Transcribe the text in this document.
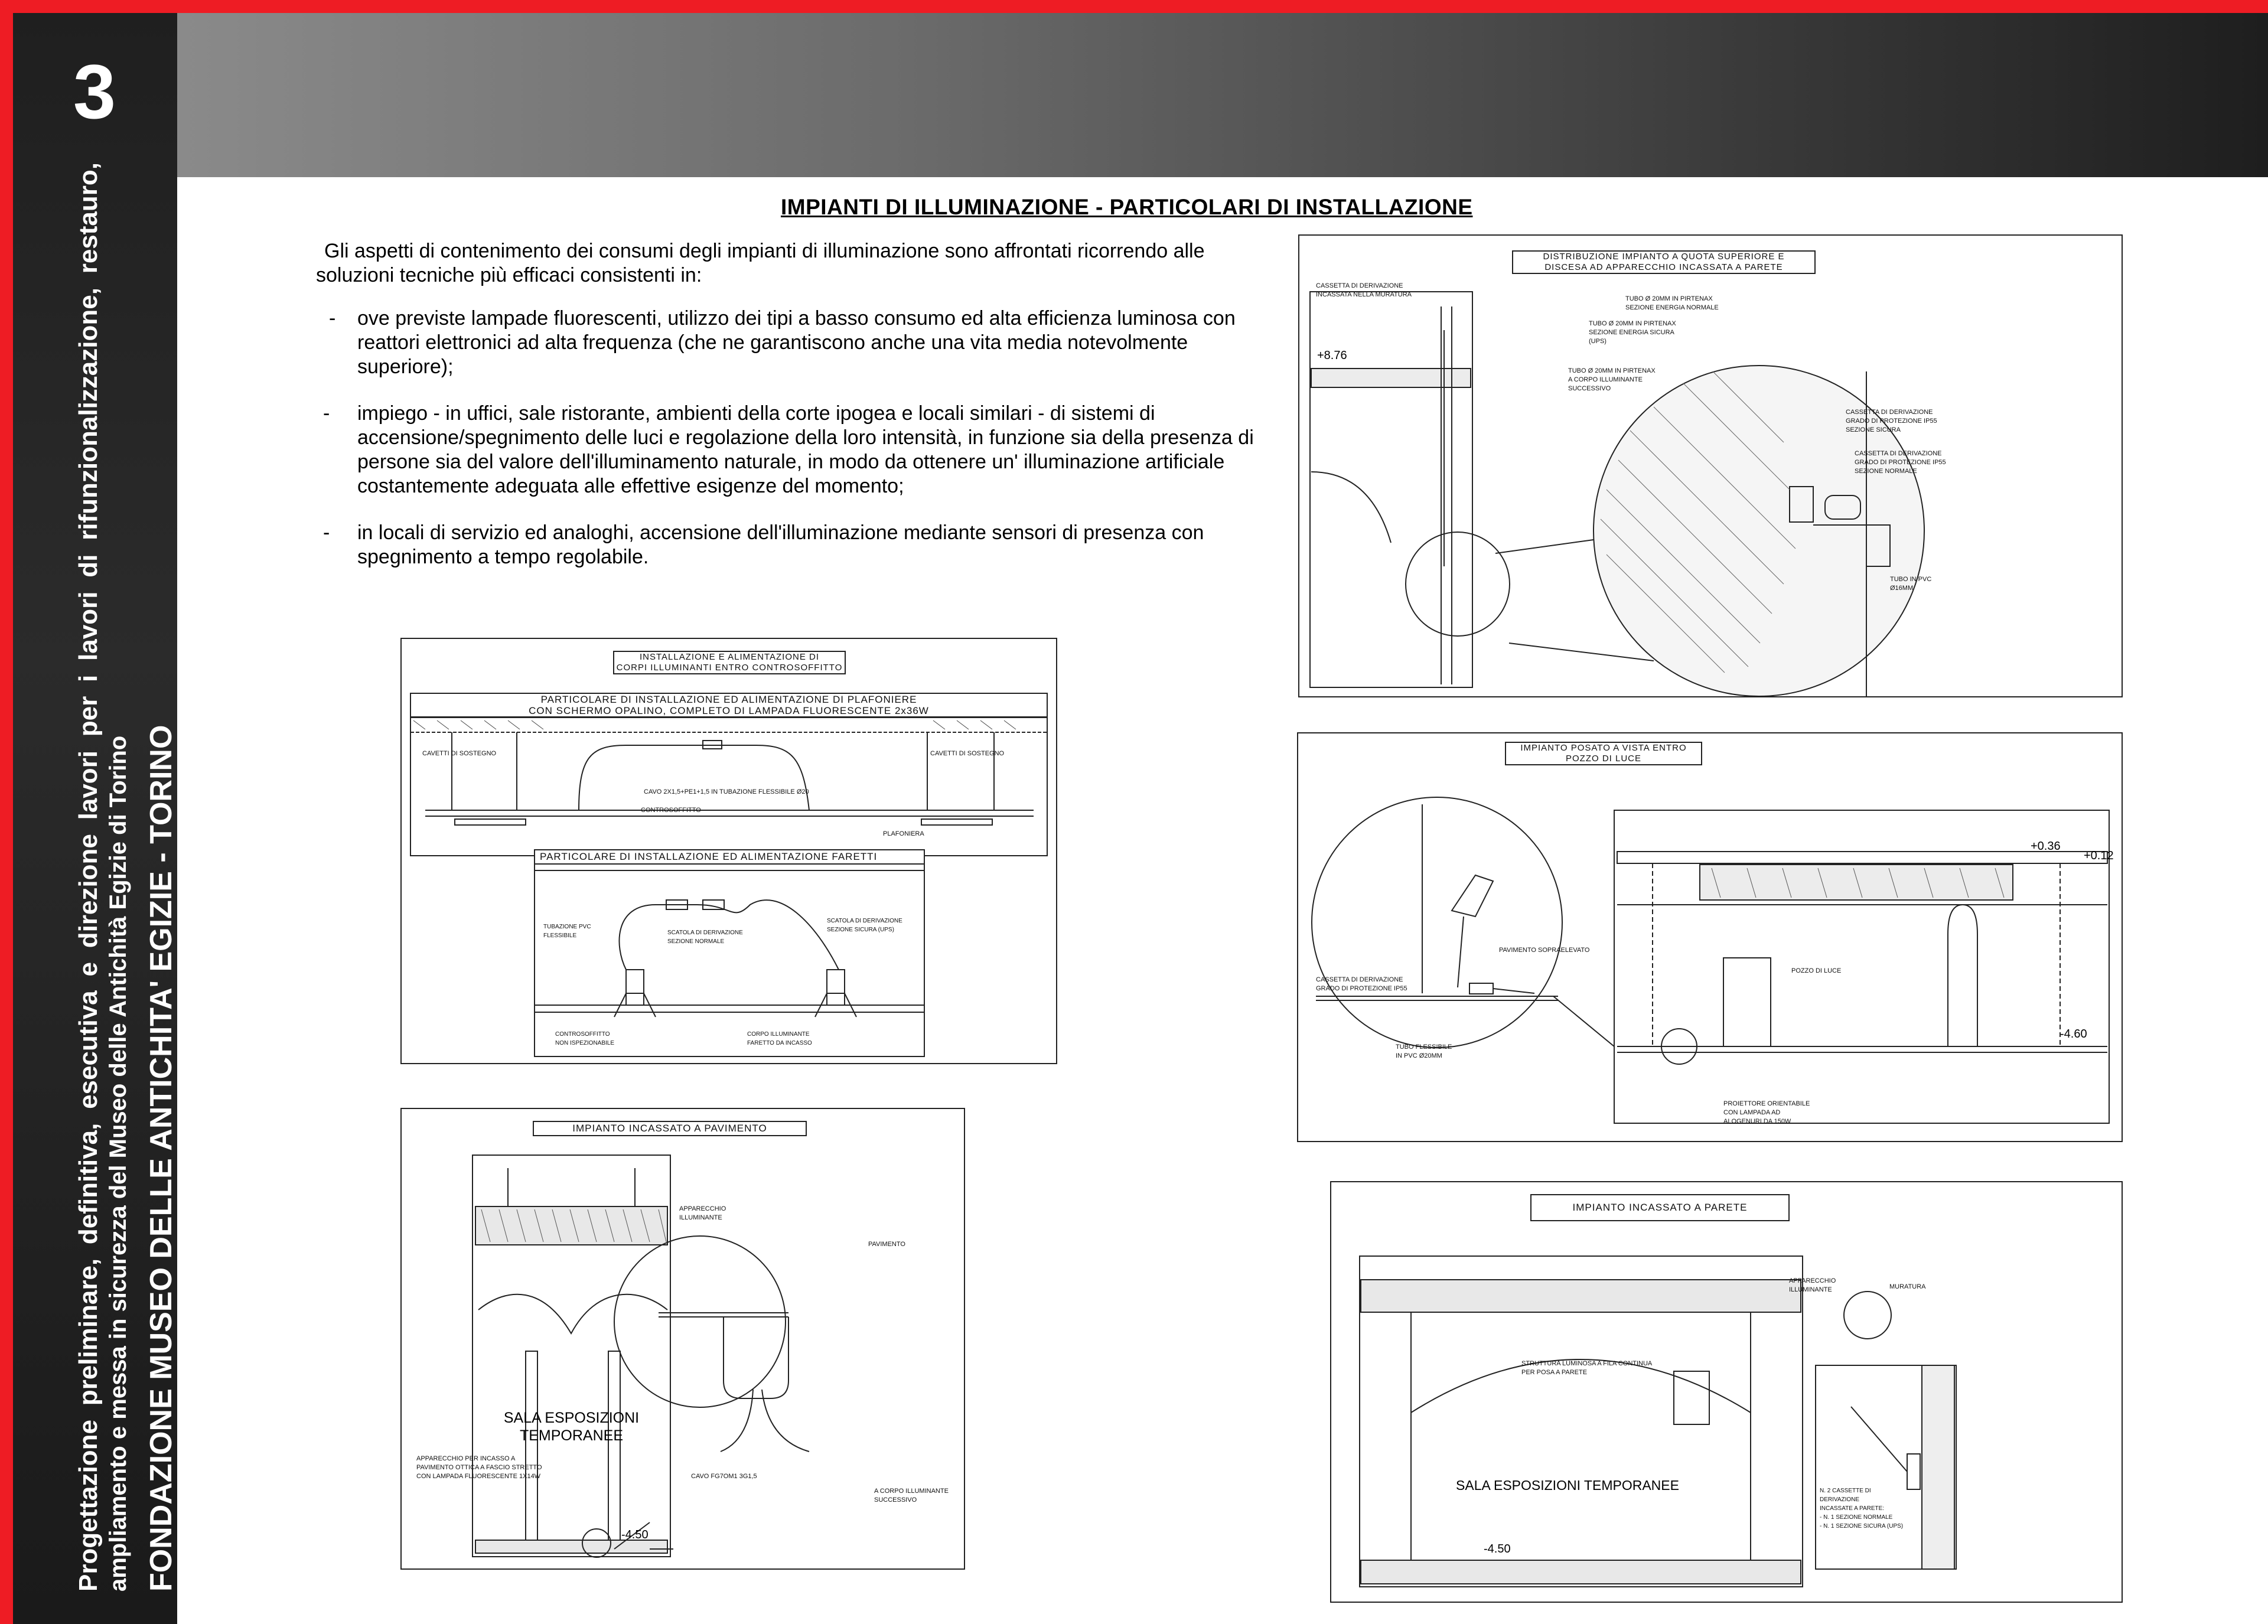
3
Progettazione preliminare, definitiva, esecutiva e direzione lavori per i lavori di rifunzionalizzazione, restauro, ampliamento e messa in sicurezza del Museo delle Antichità Egizie di Torino FONDAZIONE MUSEO DELLE ANTICHITA' EGIZIE - TORINO
IMPIANTI DI ILLUMINAZIONE - PARTICOLARI DI INSTALLAZIONE

Gli aspetti di contenimento dei consumi degli impianti di illuminazione sono affrontati ricorrendo alle soluzioni tecniche più efficaci consistenti in:

-	ove previste lampade fluorescenti, utilizzo dei tipi a basso consumo ed alta efficienza luminosa con reattori elettronici ad alta frequenza (che ne garantiscono anche una vita media notevolmente superiore);
-	impiego - in uffici, sale ristorante, ambienti della corte ipogea e locali similari - di sistemi di accensione/spegnimento delle luci e regolazione della loro intensità, in funzione sia della presenza di persone sia del valore dell'illuminamento naturale, in modo da ottenere un' illuminazione artificiale costantemente adeguata alle effettive esigenze del momento;
-	in locali di servizio ed analoghi, accensione dell'illuminazione mediante sensori di presenza con spegnimento a tempo regolabile.
INSTALLAZIONE E ALIMENTAZIONE DI
CORPI ILLUMINANTI ENTRO CONTROSOFFITTO
PARTICOLARE DI INSTALLAZIONE ED ALIMENTAZIONE DI PLAFONIERE
CON SCHERMO OPALINO, COMPLETO DI LAMPADA FLUORESCENTE 2x36W
CAVETTI DI SOSTEGNO	CAVETTI DI SOSTEGNO
CAVO 2X1,5+PE1+1,5 IN TUBAZIONE FLESSIBILE Ø20
CONTROSOFFITTO
PLAFONIERA
PARTICOLARE DI INSTALLAZIONE ED ALIMENTAZIONE FARETTI
TUBAZIONE PVC
FLESSIBILE	SCATOLA DI DERIVAZIONE
SEZIONE NORMALE
SCATOLA DI DERIVAZIONE
SEZIONE SICURA (UPS)
CONTROSOFFITTO
NON ISPEZIONABILE
CORPO ILLUMINANTE
FARETTO DA INCASSO
IMPIANTO INCASSATO A PAVIMENTO
SALA ESPOSIZIONI
TEMPORANEE
APPARECCHIO PER INCASSO A
PAVIMENTO OTTICA A FASCIO STRETTO
CON LAMPADA FLUORESCENTE 1X14W
-4.50
APPARECCHIO
ILLUMINANTE
PAVIMENTO
CAVO FG7OM1 3G1,5
A CORPO ILLUMINANTE
SUCCESSIVO
DISTRIBUZIONE IMPIANTO A QUOTA SUPERIORE E
DISCESA AD APPARECCHIO INCASSATA A PARETE
CASSETTA DI DERIVAZIONE
INCASSATA NELLA MURATURA
+8.76
TUBO Ø 20MM IN PIRTENAX
SEZIONE ENERGIA NORMALE
TUBO Ø 20MM IN PIRTENAX
SEZIONE ENERGIA SICURA
(UPS)
TUBO Ø 20MM IN PIRTENAX
A CORPO ILLUMINANTE
SUCCESSIVO
CASSETTA DI DERIVAZIONE
GRADO DI PROTEZIONE IP55
SEZIONE SICURA
CASSETTA DI DERIVAZIONE
GRADO DI PROTEZIONE IP55
SEZIONE NORMALE
TUBO IN PVC
Ø16MM
IMPIANTO POSATO A VISTA ENTRO
POZZO DI LUCE
PAVIMENTO SOPRAELEVATO
CASSETTA DI DERIVAZIONE
GRADO DI PROTEZIONE IP55
TUBO FLESSIBILE
IN PVC Ø20MM
POZZO DI LUCE
+0.36
+0.12
-4.60
PROIETTORE ORIENTABILE
CON LAMPADA AD
ALOGENURI DA 150W
IMPIANTO INCASSATO A PARETE
STRUTTURA LUMINOSA A FILA CONTINUA
PER POSA A PARETE
SALA ESPOSIZIONI TEMPORANEE
-4.50
APPARECCHIO
ILLUMINANTE	MURATURA
N. 2 CASSETTE DI
DERIVAZIONE
INCASSATE A PARETE:
- N. 1 SEZIONE NORMALE
- N. 1 SEZIONE SICURA (UPS)
